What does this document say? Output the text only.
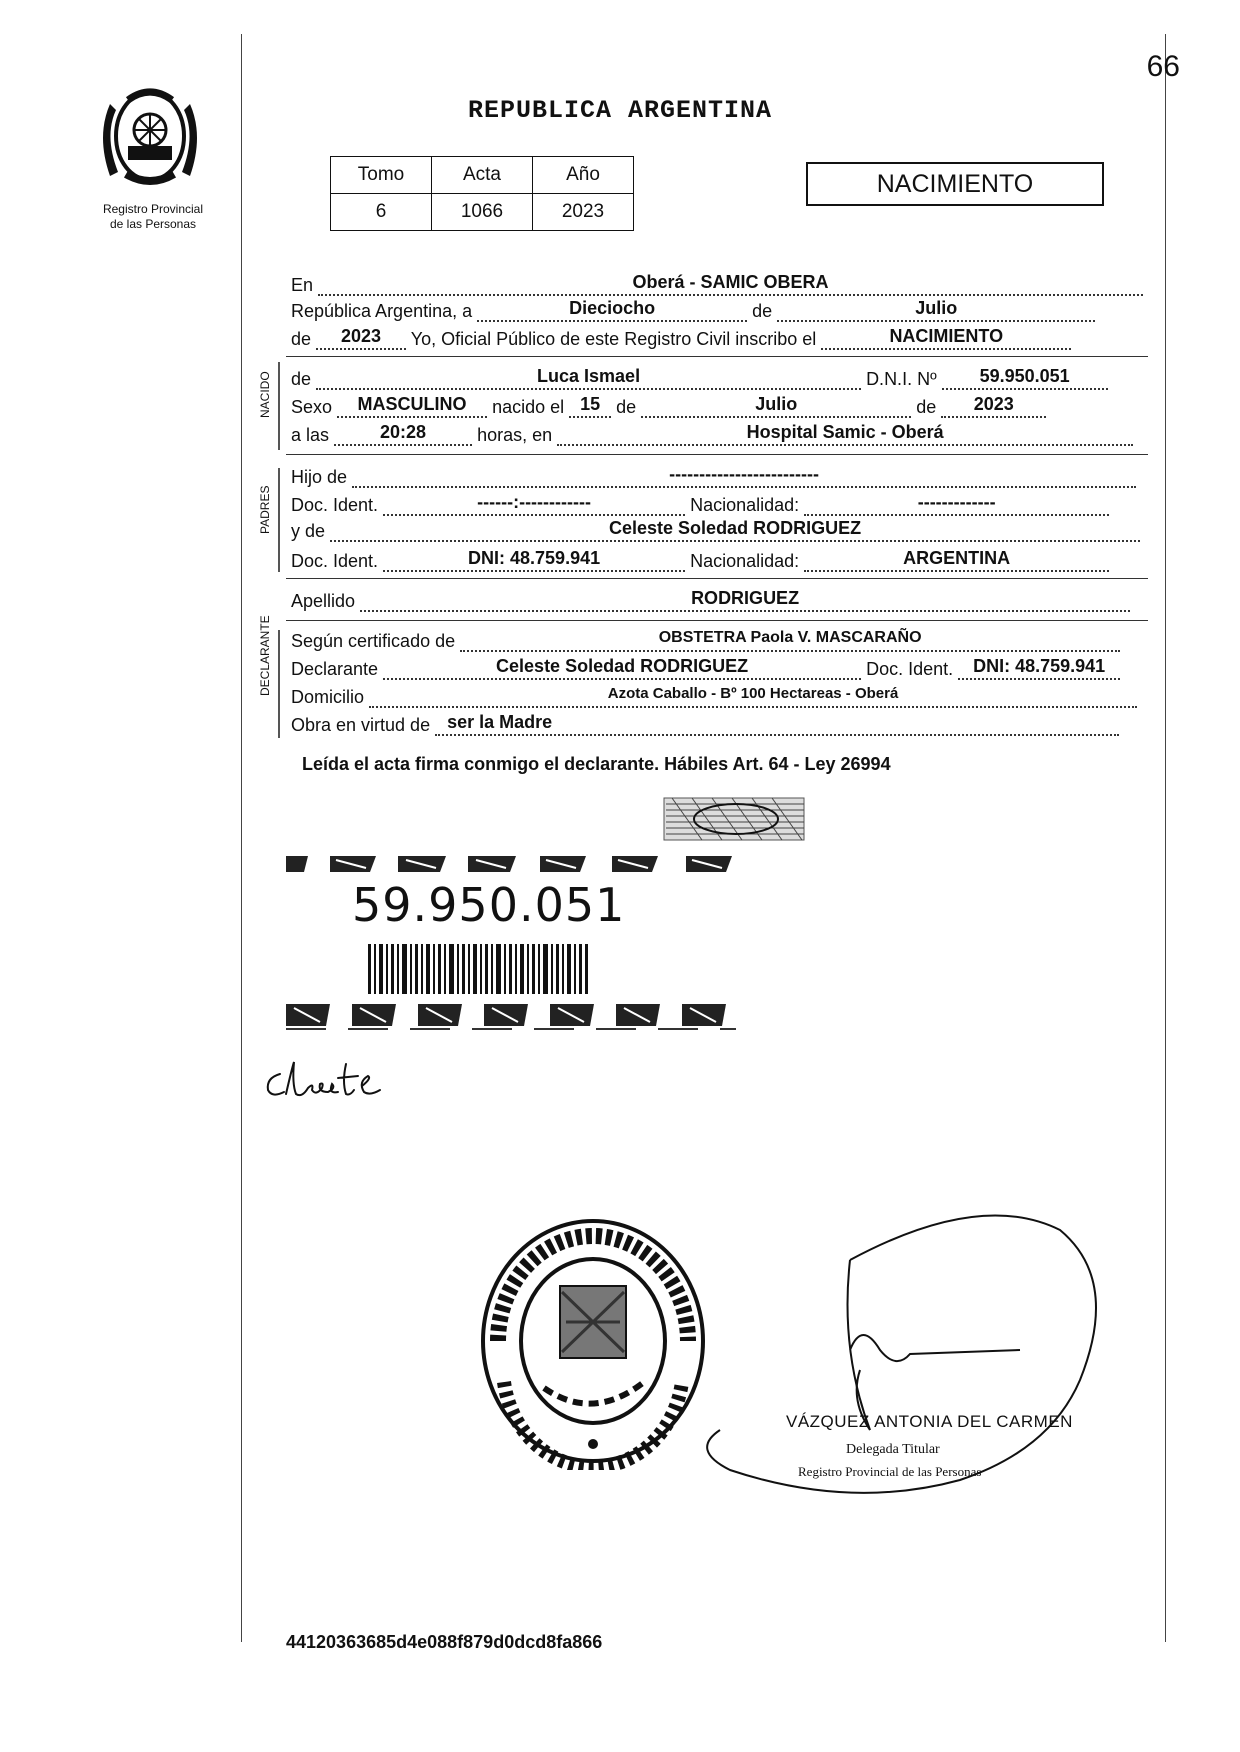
66
REPUBLICA ARGENTINA
Registro Provincial
de las Personas
Tomo	Acta	Año
6	1066	2023
NACIMIENTO
En	Oberá - SAMIC OBERA
República Argentina, a	Dieciocho	de	Julio
de	2023	Yo, Oficial Público de este Registro Civil inscribo el	NACIMIENTO
NACIDO de	Luca Ismael	D.N.I. Nº	59.950.051
Sexo	MASCULINO	nacido el 15 de	Julio	de	2023
a las	20:28	horas, en	Hospital Samic - Oberá
PADRES
Hijo de	-------------------------
Doc. Ident.	------:------------	Nacionalidad:	-------------
y de	Celeste Soledad RODRIGUEZ
Doc. Ident.	DNI: 48.759.941	Nacionalidad:	ARGENTINA
Apellido	RODRIGUEZ
DECLARANTE Según certificado de	OBSTETRA Paola V. MASCARAÑO
Declarante	Celeste Soledad RODRIGUEZ	Doc. Ident.	DNI: 48.759.941
Domicilio	Azota Caballo - Bº 100 Hectareas - Oberá
Obra en virtud de ser la Madre
Leída el acta firma conmigo el declarante. Hábiles Art. 64 - Ley 26994
59.950.051
VÁZQUEZ ANTONIA DEL CARMEN
Delegada Titular
Registro Provincial de las Personas
44120363685d4e088f879d0dcd8fa866
